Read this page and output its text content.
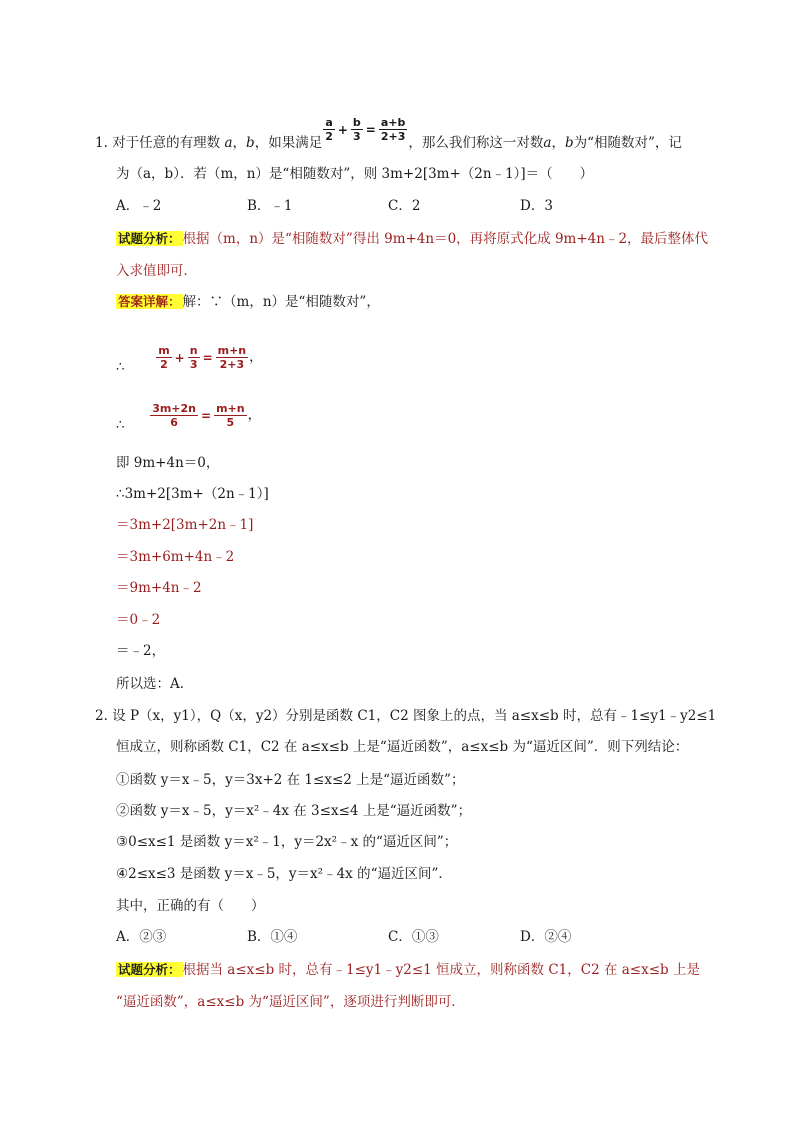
1. 对于任意的有理数 a，b，如果满足 $\frac{a}{2} + \frac{b}{3} = \frac{a+b}{2+3}$ ，那么我们称这一对数a，b为“相随数对”，记
为（a，b）．若（m，n）是“相随数对”，则 3m+2[3m+（2n﹣1）]＝（　　）
A．﹣2	B．﹣1	C．2	D．3
试题分析： 根据（m，n）是“相随数对”得出 9m+4n＝0，再将原式化成 9m+4n﹣2，最后整体代
入求值即可．
答案详解： 解：∵（m，n）是“相随数对”，
∴	$\frac{m}{2} + \frac{n}{3} = \frac{m+n}{2+3}$ ，
∴ $\frac{3m+2n}{6} = \frac{m+n}{5}$ ，
即 9m+4n＝0，
∴3m+2[3m+（2n﹣1）]
＝3m+2[3m+2n﹣1]
＝3m+6m+4n﹣2
＝9m+4n﹣2
＝0﹣2
＝﹣2，
所以选：A．
2. 设 P（x，y1），Q（x，y2）分别是函数 C1，C2 图象上的点，当 a≤x≤b 时，总有﹣1≤y1﹣y2≤1
恒成立，则称函数 C1，C2 在 a≤x≤b 上是“逼近函数”，a≤x≤b 为“逼近区间”．则下列结论：
①函数 y＝x﹣5，y＝3x+2 在 1≤x≤2 上是“逼近函数”；
②函数 y＝x﹣5，y＝x²﹣4x 在 3≤x≤4 上是“逼近函数”；
③0≤x≤1 是函数 y＝x²﹣1，y＝2x²﹣x 的“逼近区间”；
④2≤x≤3 是函数 y＝x﹣5，y＝x²﹣4x 的“逼近区间”．
其中，正确的有（　　）
A．②③	B．①④	C．①③	D．②④
试题分析： 根据当 a≤x≤b 时，总有﹣1≤y1﹣y2≤1 恒成立，则称函数 C1，C2 在 a≤x≤b 上是
“逼近函数”，a≤x≤b 为“逼近区间”，逐项进行判断即可．
